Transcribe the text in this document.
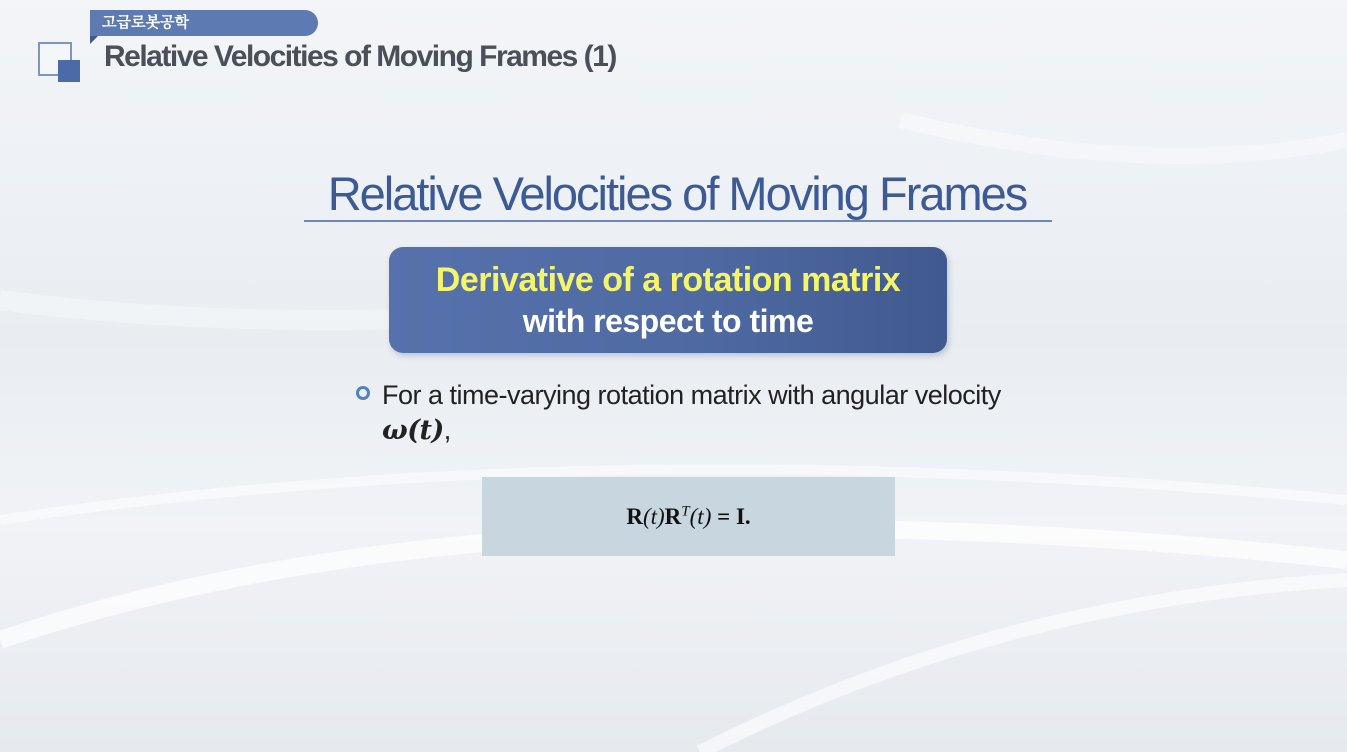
고급로봇공학
Relative Velocities of Moving Frames (1)
Relative Velocities of Moving Frames
Derivative of a rotation matrix
with respect to time
For a time-varying rotation matrix with angular velocity ω(t),
$R(t)R^T(t) = I$.
